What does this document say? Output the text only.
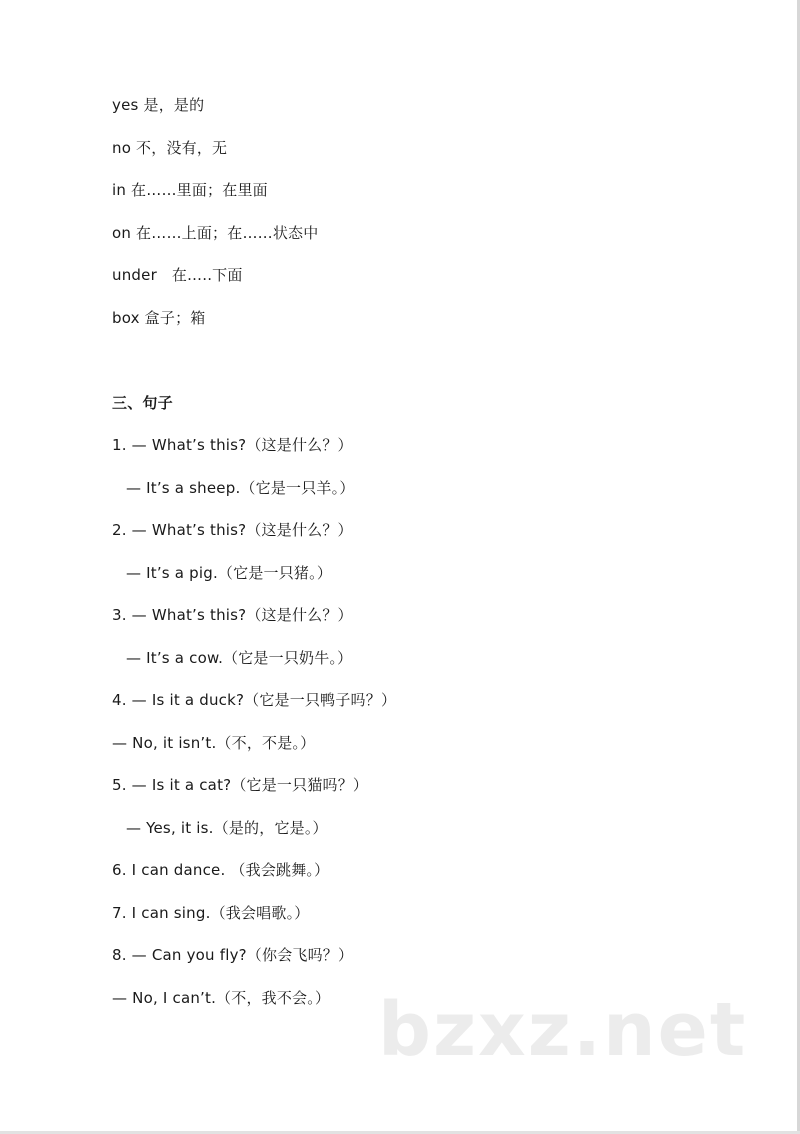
yes 是，是的
no 不，没有，无
in 在……里面；在里面
on 在……上面；在……状态中
under   在…..下面
box 盒子；箱
三、句子
1. — What’s this?（这是什么？）
— It’s a sheep.（它是一只羊。）
2. — What’s this?（这是什么？）
— It’s a pig.（它是一只猪。）
3. — What’s this?（这是什么？）
— It’s a cow.（它是一只奶牛。）
4. — Is it a duck?（它是一只鸭子吗？）
— No, it isn’t.（不，不是。）
5. — Is it a cat?（它是一只猫吗？）
— Yes, it is.（是的，它是。）
6. I can dance. （我会跳舞。）
7. I can sing.（我会唱歌。）
8. — Can you fly?（你会飞吗？）
— No, I can’t.（不，我不会。） bzxz.net
